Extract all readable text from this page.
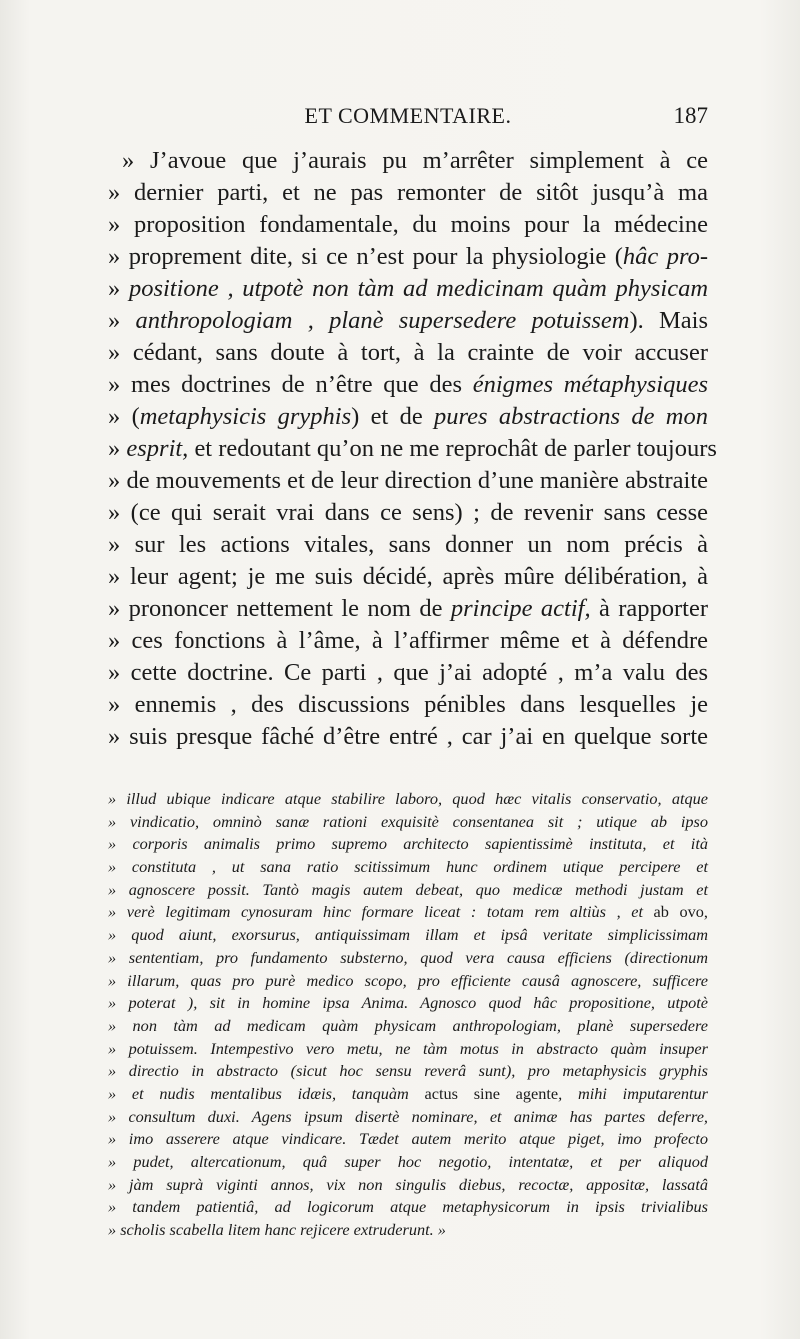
ET COMMENTAIRE.	187
» J’avoue que j’aurais pu m’arrêter simplement à ce
» dernier parti, et ne pas remonter de sitôt jusqu’à ma
» proposition fondamentale, du moins pour la médecine
» proprement dite, si ce n’est pour la physiologie (hâc pro-
» positione , utpotè non tàm ad medicinam quàm physicam
» anthropologiam , planè supersedere potuissem). Mais
» cédant, sans doute à tort, à la crainte de voir accuser
» mes doctrines de n’être que des énigmes métaphysiques
» (metaphysicis gryphis) et de pures abstractions de mon
» esprit, et redoutant qu’on ne me reprochât de parler toujours
» de mouvements et de leur direction d’une manière abstraite
» (ce qui serait vrai dans ce sens) ; de revenir sans cesse
» sur les actions vitales, sans donner un nom précis à
» leur agent; je me suis décidé, après mûre délibération, à
» prononcer nettement le nom de principe actif, à rapporter
» ces fonctions à l’âme, à l’affirmer même et à défendre
» cette doctrine. Ce parti , que j’ai adopté , m’a valu des
» ennemis , des discussions pénibles dans lesquelles je
» suis presque fâché d’être entré , car j’ai en quelque sorte
» illud ubique indicare atque stabilire laboro, quod hæc vitalis conservatio, atque
» vindicatio, omninò sanæ rationi exquisitè consentanea sit ; utique ab ipso
» corporis animalis primo supremo architecto sapientissimè instituta, et ità
» constituta , ut sana ratio scitissimum hunc ordinem utique percipere et
» agnoscere possit. Tantò magis autem debeat, quo medicæ methodi justam et
» verè legitimam cynosuram hinc formare liceat : totam rem altiùs , et ab ovo,
» quod aiunt, exorsurus, antiquissimam illam et ipsâ veritate simplicissimam
» sententiam, pro fundamento substerno, quod vera causa efficiens (directionum
» illarum, quas pro purè medico scopo, pro efficiente causâ agnoscere, sufficere
» poterat ), sit in homine ipsa Anima. Agnosco quod hâc propositione, utpotè
» non tàm ad medicam quàm physicam anthropologiam, planè supersedere
» potuissem. Intempestivo vero metu, ne tàm motus in abstracto quàm insuper
» directio in abstracto (sicut hoc sensu reverâ sunt), pro metaphysicis gryphis
» et nudis mentalibus idæis, tanquàm actus sine agente, mihi imputarentur
» consultum duxi. Agens ipsum disertè nominare, et animæ has partes deferre,
» imo asserere atque vindicare. Tædet autem merito atque piget, imo profecto
» pudet, altercationum, quâ super hoc negotio, intentatæ, et per aliquod
» jàm suprà viginti annos, vix non singulis diebus, recoctæ, appositæ, lassatâ
» tandem patientiâ, ad logicorum atque metaphysicorum in ipsis trivialibus
» scholis scabella litem hanc rejicere extruderunt. »
